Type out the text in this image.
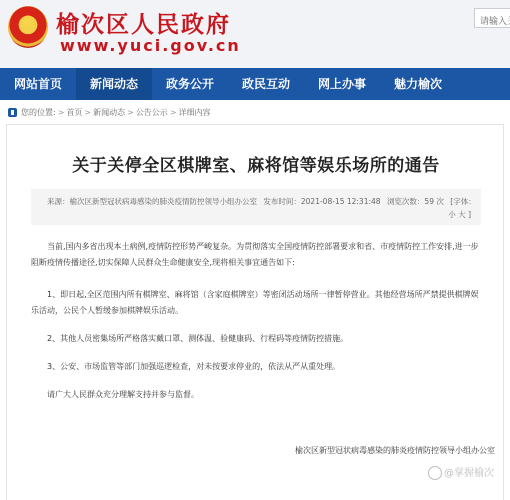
★ 榆次区人民政府
www.yuci.gov.cn
请输入关
网站首页	新闻动态	政务公开	政民互动	网上办事	魅力榆次
您的位置: > 首页 > 新闻动态 > 公告公示 > 详细内容
关于关停全区棋牌室、麻将馆等娱乐场所的通告
来源：榆次区新型冠状病毒感染的肺炎疫情防控领导小组办公室 发布时间：2021-08-15 12:31:48 浏览次数：59 次 [字体：
小 大 ]

当前,国内多省出现本土病例,疫情防控形势严峻复杂。为贯彻落实全国疫情防控部署要求和省、市疫情防控工作安排,进一步阻断疫情传播途径,切实保障人民群众生命健康安全,现将相关事宜通告如下:

1、即日起,全区范围内所有棋牌室、麻将馆（含家庭棋牌室）等密闭活动场所一律暂停营业。其他经营场所严禁提供棋牌娱乐活动，公民个人暂缓参加棋牌娱乐活动。

2、其他人员密集场所严格落实戴口罩、测体温、验健康码、行程码等疫情防控措施。

3、公安、市场监管等部门加强巡逻检查，对未按要求停业的，依法从严从重处理。

请广大人民群众充分理解支持并参与监督。

榆次区新型冠状病毒感染的肺炎疫情防控领导小组办公室
@掌握榆次
